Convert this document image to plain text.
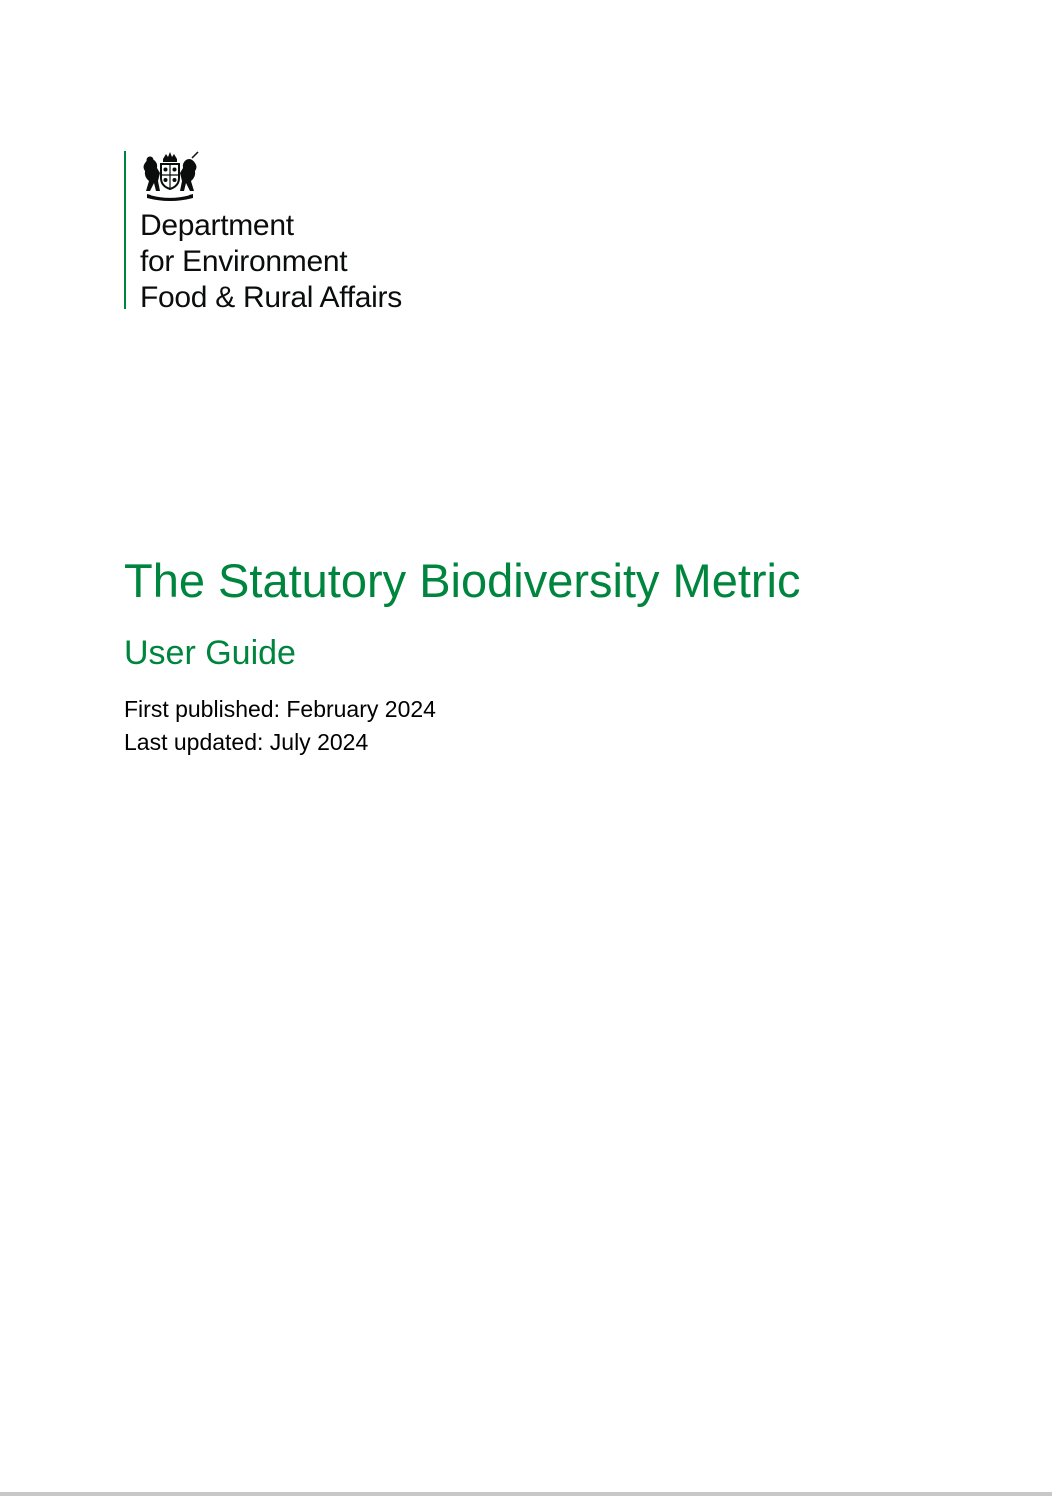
Department
for Environment
Food & Rural Affairs
The Statutory Biodiversity Metric
User Guide
First published: February 2024
Last updated: July 2024
